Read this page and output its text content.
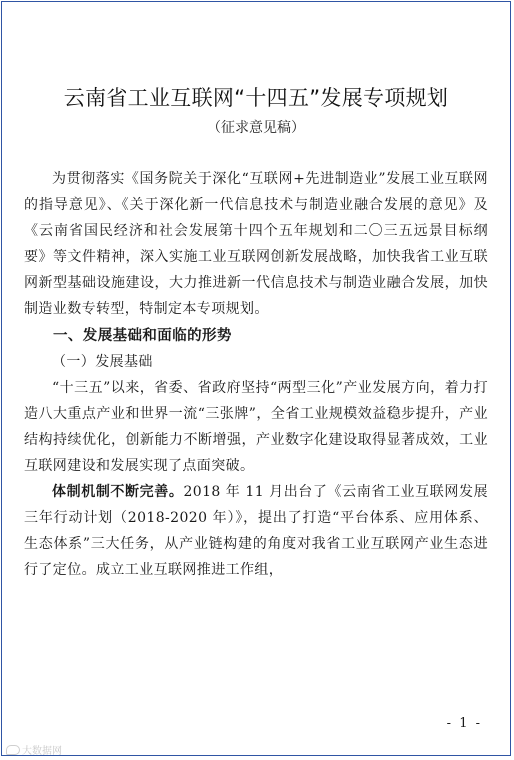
云南省工业互联网“十四五”发展专项规划
（征求意见稿）

为贯彻落实《国务院关于深化“互联网+先进制造业”发展工业互联网的指导意见》、《关于深化新一代信息技术与制造业融合发展的意见》及《云南省国民经济和社会发展第十四个五年规划和二〇三五远景目标纲要》等文件精神，深入实施工业互联网创新发展战略，加快我省工业互联网新型基础设施建设，大力推进新一代信息技术与制造业融合发展，加快制造业数专转型，特制定本专项规划。

一、发展基础和面临的形势

（一）发展基础

“十三五”以来，省委、省政府坚持“两型三化”产业发展方向，着力打造八大重点产业和世界一流“三张牌”，全省工业规模效益稳步提升，产业结构持续优化，创新能力不断增强，产业数字化建设取得显著成效，工业互联网建设和发展实现了点面突破。

体制机制不断完善。2018 年 11 月出台了《云南省工业互联网发展三年行动计划（2018-2020 年）》，提出了打造“平台体系、应用体系、生态体系”三大任务，从产业链构建的角度对我省工业互联网产业生态进行了定位。成立工业互联网推进工作组，

- 1 -
大数据网
